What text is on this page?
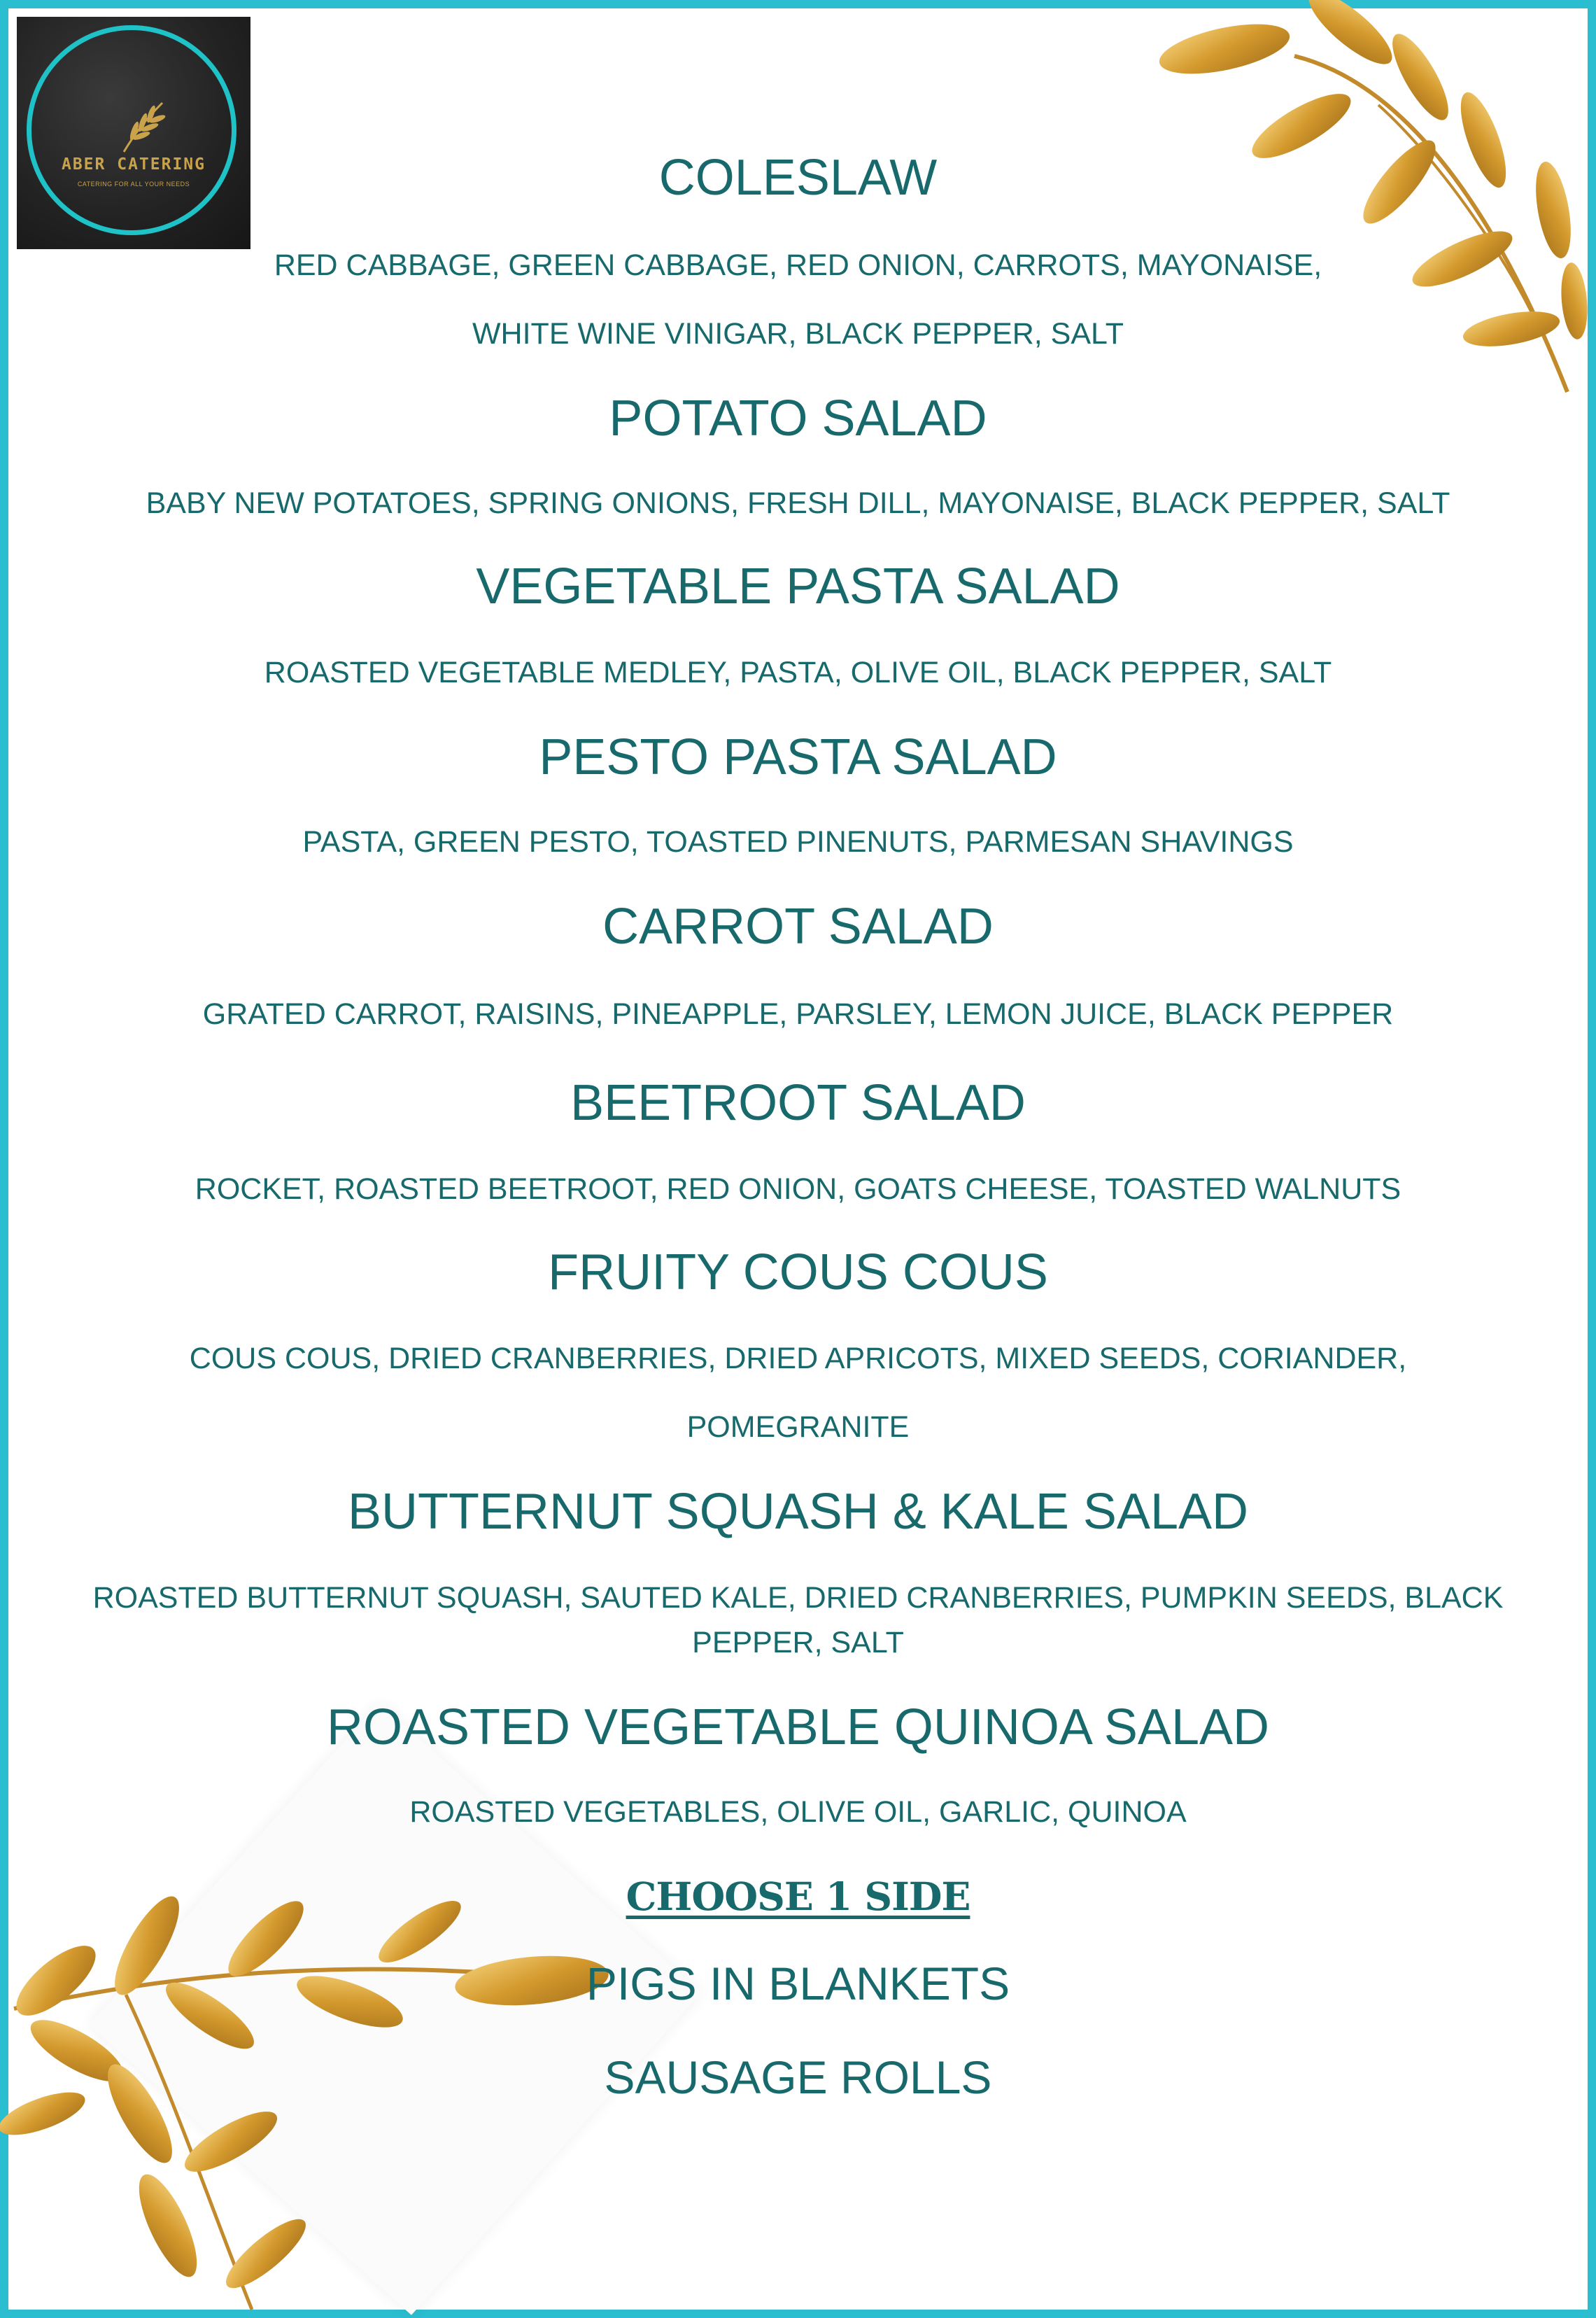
ABER CATERING
CATERING FOR ALL YOUR NEEDS	COLESLAW
RED CABBAGE, GREEN CABBAGE, RED ONION, CARROTS, MAYONAISE,
WHITE WINE VINIGAR, BLACK PEPPER, SALT
POTATO SALAD
BABY NEW POTATOES, SPRING ONIONS, FRESH DILL, MAYONAISE, BLACK PEPPER, SALT
VEGETABLE PASTA SALAD
ROASTED VEGETABLE MEDLEY, PASTA, OLIVE OIL, BLACK PEPPER, SALT
PESTO PASTA SALAD
PASTA, GREEN PESTO, TOASTED PINENUTS, PARMESAN SHAVINGS
CARROT SALAD
GRATED CARROT, RAISINS, PINEAPPLE, PARSLEY, LEMON JUICE, BLACK PEPPER
BEETROOT SALAD
ROCKET, ROASTED BEETROOT, RED ONION, GOATS CHEESE, TOASTED WALNUTS
FRUITY COUS COUS
COUS COUS, DRIED CRANBERRIES, DRIED APRICOTS, MIXED SEEDS, CORIANDER,
POMEGRANITE
BUTTERNUT SQUASH & KALE SALAD
ROASTED BUTTERNUT SQUASH, SAUTED KALE, DRIED CRANBERRIES, PUMPKIN SEEDS, BLACK
PEPPER, SALT
ROASTED VEGETABLE QUINOA SALAD
ROASTED VEGETABLES, OLIVE OIL, GARLIC, QUINOA
CHOOSE 1 SIDE
PIGS IN BLANKETS
SAUSAGE ROLLS
